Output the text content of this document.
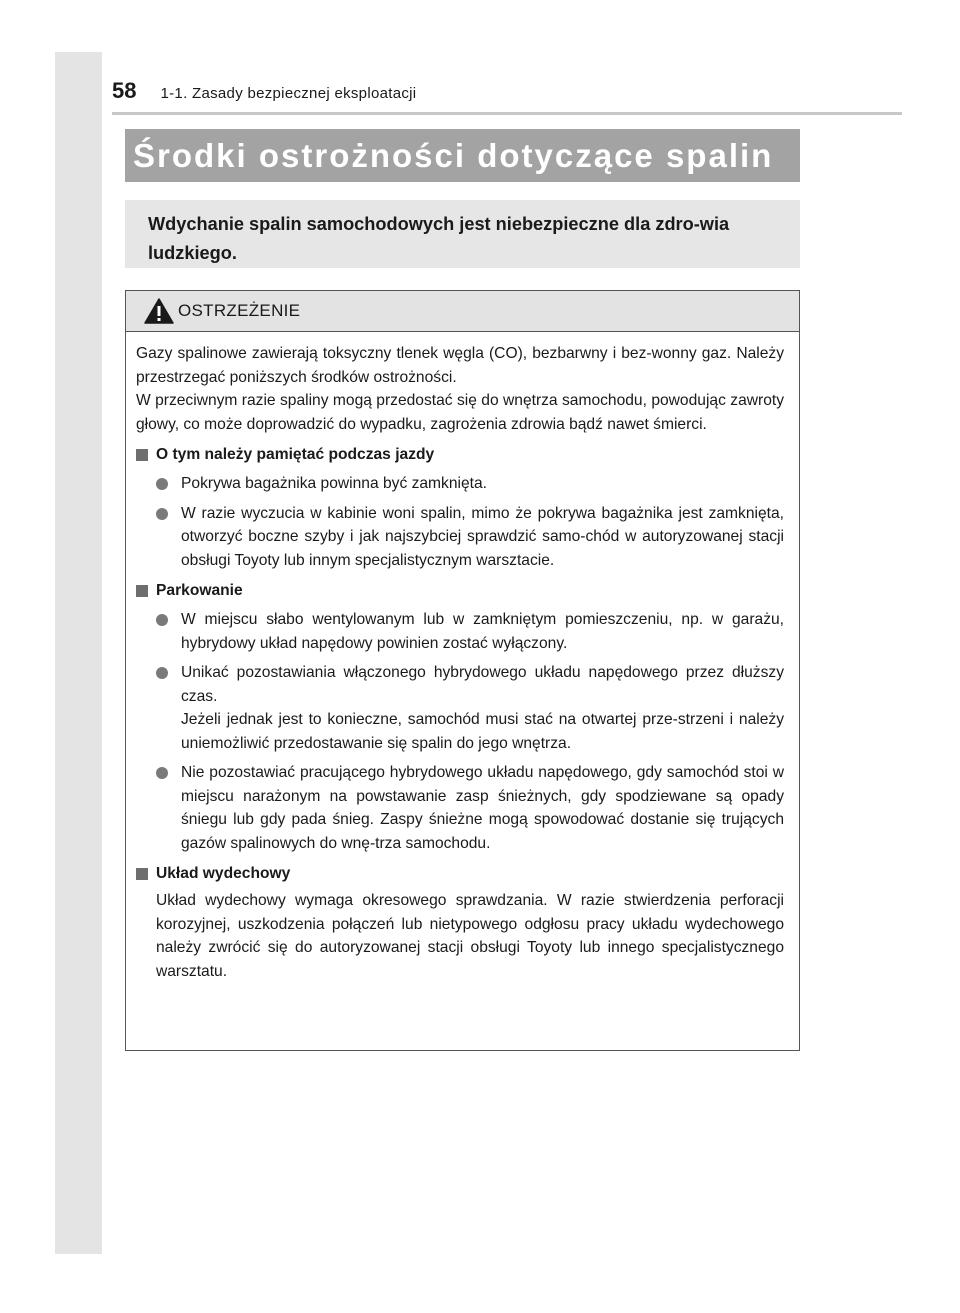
58 1-1. Zasady bezpiecznej eksploatacji
Środki ostrożności dotyczące spalin
Wdychanie spalin samochodowych jest niebezpieczne dla zdro-wia ludzkiego.
OSTRZEŻENIE
Gazy spalinowe zawierają toksyczny tlenek węgla (CO), bezbarwny i bez-wonny gaz. Należy przestrzegać poniższych środków ostrożności.
W przeciwnym razie spaliny mogą przedostać się do wnętrza samochodu, powodując zawroty głowy, co może doprowadzić do wypadku, zagrożenia zdrowia bądź nawet śmierci.
O tym należy pamiętać podczas jazdy
Pokrywa bagażnika powinna być zamknięta.
W razie wyczucia w kabinie woni spalin, mimo że pokrywa bagażnika jest zamknięta, otworzyć boczne szyby i jak najszybciej sprawdzić samo-chód w autoryzowanej stacji obsługi Toyoty lub innym specjalistycznym warsztacie.
Parkowanie
W miejscu słabo wentylowanym lub w zamkniętym pomieszczeniu, np. w garażu, hybrydowy układ napędowy powinien zostać wyłączony.
Unikać pozostawiania włączonego hybrydowego układu napędowego przez dłuższy czas.
Jeżeli jednak jest to konieczne, samochód musi stać na otwartej prze-strzeni i należy uniemożliwić przedostawanie się spalin do jego wnętrza.
Nie pozostawiać pracującego hybrydowego układu napędowego, gdy samochód stoi w miejscu narażonym na powstawanie zasp śnieżnych, gdy spodziewane są opady śniegu lub gdy pada śnieg. Zaspy śnieżne mogą spowodować dostanie się trujących gazów spalinowych do wnę-trza samochodu.
Układ wydechowy
Układ wydechowy wymaga okresowego sprawdzania. W razie stwierdzenia perforacji korozyjnej, uszkodzenia połączeń lub nietypowego odgłosu pracy układu wydechowego należy zwrócić się do autoryzowanej stacji obsługi Toyoty lub innego specjalistycznego warsztatu.
